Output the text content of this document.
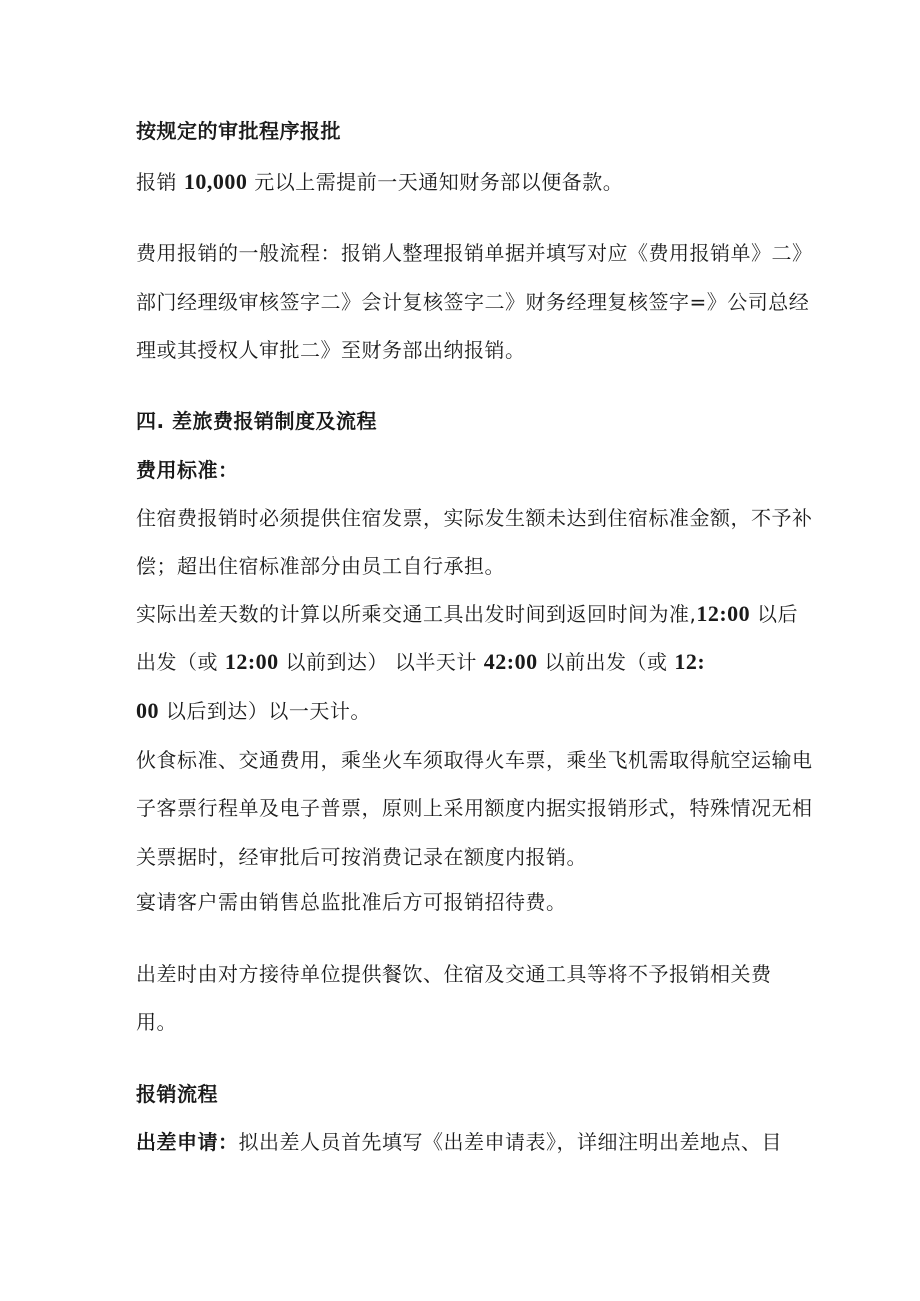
按规定的审批程序报批
报销 10,000 元以上需提前一天通知财务部以便备款。
费用报销的一般流程：报销人整理报销单据并填写对应《费用报销单》二》
部门经理级审核签字二》会计复核签字二》财务经理复核签字=》公司总经
理或其授权人审批二》至财务部出纳报销。
四. 差旅费报销制度及流程
费用标准：
住宿费报销时必须提供住宿发票，实际发生额未达到住宿标准金额，不予补
偿；超出住宿标准部分由员工自行承担。
实际出差天数的计算以所乘交通工具出发时间到返回时间为准,12:00 以后
出发（或 12:00 以前到达） 以半天计 42:00 以前出发（或 12:
00 以后到达）以一天计。
伙食标准、交通费用，乘坐火车须取得火车票，乘坐飞机需取得航空运输电
子客票行程单及电子普票，原则上采用额度内据实报销形式，特殊情况无相
关票据时，经审批后可按消费记录在额度内报销。
宴请客户需由销售总监批准后方可报销招待费。
出差时由对方接待单位提供餐饮、住宿及交通工具等将不予报销相关费
用。
报销流程
出差申请：拟出差人员首先填写《出差申请表》，详细注明出差地点、目
